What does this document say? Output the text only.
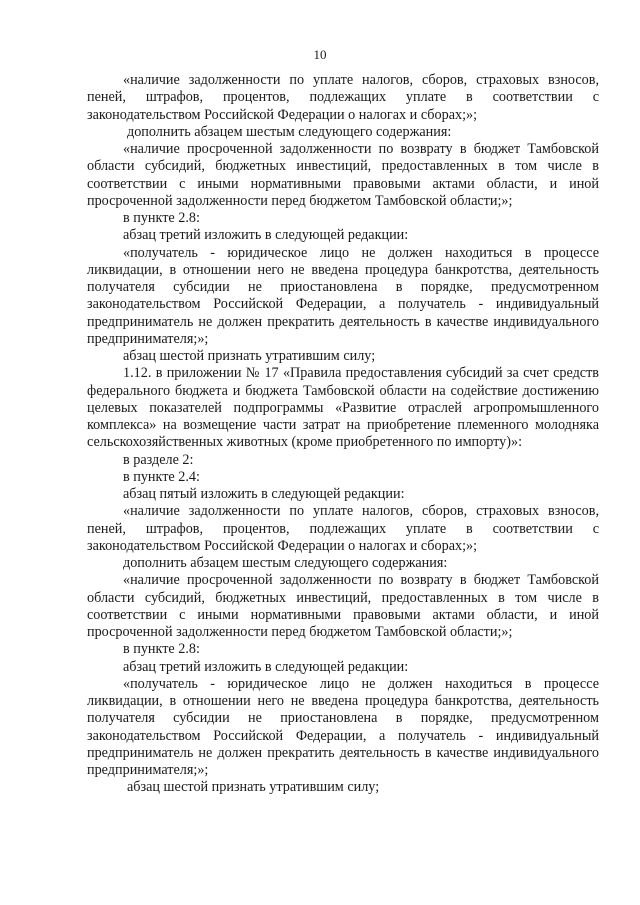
10

«наличие задолженности по уплате налогов, сборов, страховых взносов, пеней, штрафов, процентов, подлежащих уплате в соответствии с законодательством Российской Федерации о налогах и сборах;»;

дополнить абзацем шестым следующего содержания:

«наличие просроченной задолженности по возврату в бюджет Тамбовской области субсидий, бюджетных инвестиций, предоставленных в том числе в соответствии с иными нормативными правовыми актами области, и иной просроченной задолженности перед бюджетом Тамбовской области;»;

в пункте 2.8:

абзац третий изложить в следующей редакции:

«получатель - юридическое лицо не должен находиться в процессе ликвидации, в отношении него не введена процедура банкротства, деятельность получателя субсидии не приостановлена в порядке, предусмотренном законодательством Российской Федерации, а получатель - индивидуальный предприниматель не должен прекратить деятельность в качестве индивидуального предпринимателя;»;

абзац шестой признать утратившим силу;

1.12. в приложении № 17 «Правила предоставления субсидий за счет средств федерального бюджета и бюджета Тамбовской области на содействие достижению целевых показателей подпрограммы «Развитие отраслей агропромышленного комплекса» на возмещение части затрат на приобретение племенного молодняка сельскохозяйственных животных (кроме приобретенного по импорту)»:

в разделе 2:

в пункте 2.4:

абзац пятый изложить в следующей редакции:

«наличие задолженности по уплате налогов, сборов, страховых взносов, пеней, штрафов, процентов, подлежащих уплате в соответствии с законодательством Российской Федерации о налогах и сборах;»;

дополнить абзацем шестым следующего содержания:

«наличие просроченной задолженности по возврату в бюджет Тамбовской области субсидий, бюджетных инвестиций, предоставленных в том числе в соответствии с иными нормативными правовыми актами области, и иной просроченной задолженности перед бюджетом Тамбовской области;»;

в пункте 2.8:

абзац третий изложить в следующей редакции:

«получатель - юридическое лицо не должен находиться в процессе ликвидации, в отношении него не введена процедура банкротства, деятельность получателя субсидии не приостановлена в порядке, предусмотренном законодательством Российской Федерации, а получатель - индивидуальный предприниматель не должен прекратить деятельность в качестве индивидуального предпринимателя;»;

абзац шестой признать утратившим силу;
